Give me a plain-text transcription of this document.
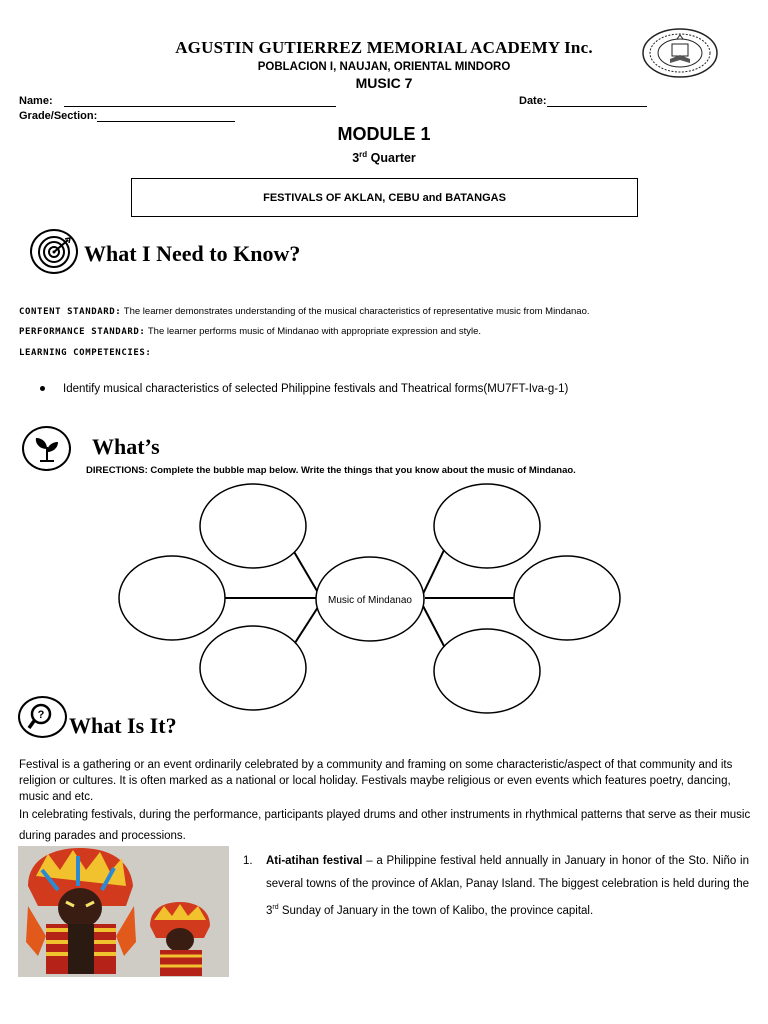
AGUSTIN GUTIERREZ MEMORIAL ACADEMY Inc.
POBLACION I, NAUJAN, ORIENTAL MINDORO
MUSIC 7
Name:	Date:
Grade/Section:
MODULE 1
3rd Quarter
FESTIVALS OF AKLAN, CEBU and BATANGAS
What I Need to Know?
CONTENT STANDARD: The learner demonstrates understanding of the musical characteristics of representative music from Mindanao.
PERFORMANCE STANDARD: The learner performs music of Mindanao with appropriate expression and style.
LEARNING COMPETENCIES:
Identify musical characteristics of selected Philippine festivals and Theatrical forms(MU7FT-Iva-g-1)
What’s
DIRECTIONS: Complete the bubble map below. Write the things that you know about the music of Mindanao.
Music of Mindanao
? What Is It?
Festival is a gathering or an event ordinarily celebrated by a community and framing on some characteristic/aspect of that community and its religion or cultures. It is often marked as a national or local holiday. Festivals maybe religious or even events which features poetry, dancing, music and etc.
In celebrating festivals, during the performance, participants played drums and other instruments in rhythmical patterns that serve as their music during parades and processions.
1. Ati-atihan festival – a Philippine festival held annually in January in honor of the Sto. Niño in several towns of the province of Aklan, Panay Island. The biggest celebration is held during the 3rd Sunday of January in the town of Kalibo, the province capital.
